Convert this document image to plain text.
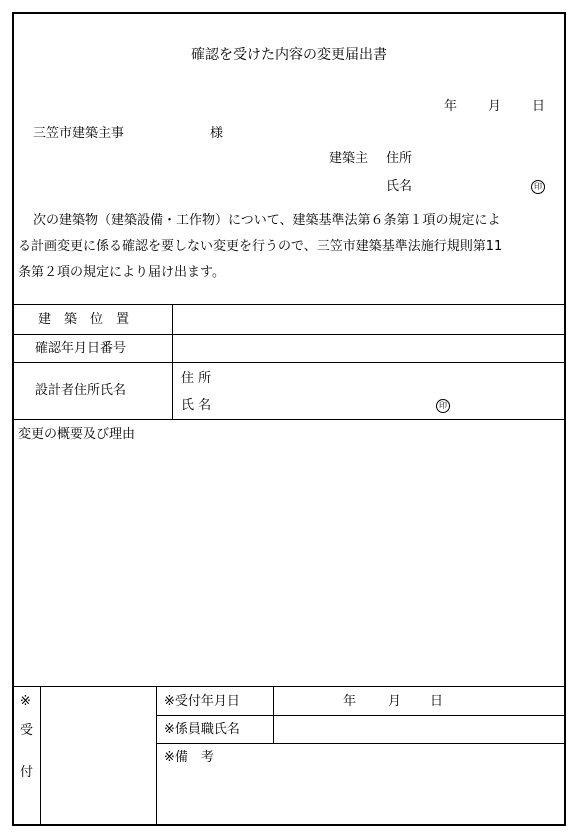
確認を受けた内容の変更届出書
年 月 日
三笠市建築主事	様
建築主 住所
氏名	印
次の建築物（建築設備・工作物）について、建築基準法第６条第１項の規定によ
る計画変更に係る確認を要しない変更を行うので、三笠市建築基準法施行規則第11
条第２項の規定により届け出ます。
建　築　位　置
確認年月日番号
設計者住所氏名
住 所
氏 名	印
変更の概要及び理由
※
受
付
※受付年月日	年 月 日
※係員職氏名
※備　考
